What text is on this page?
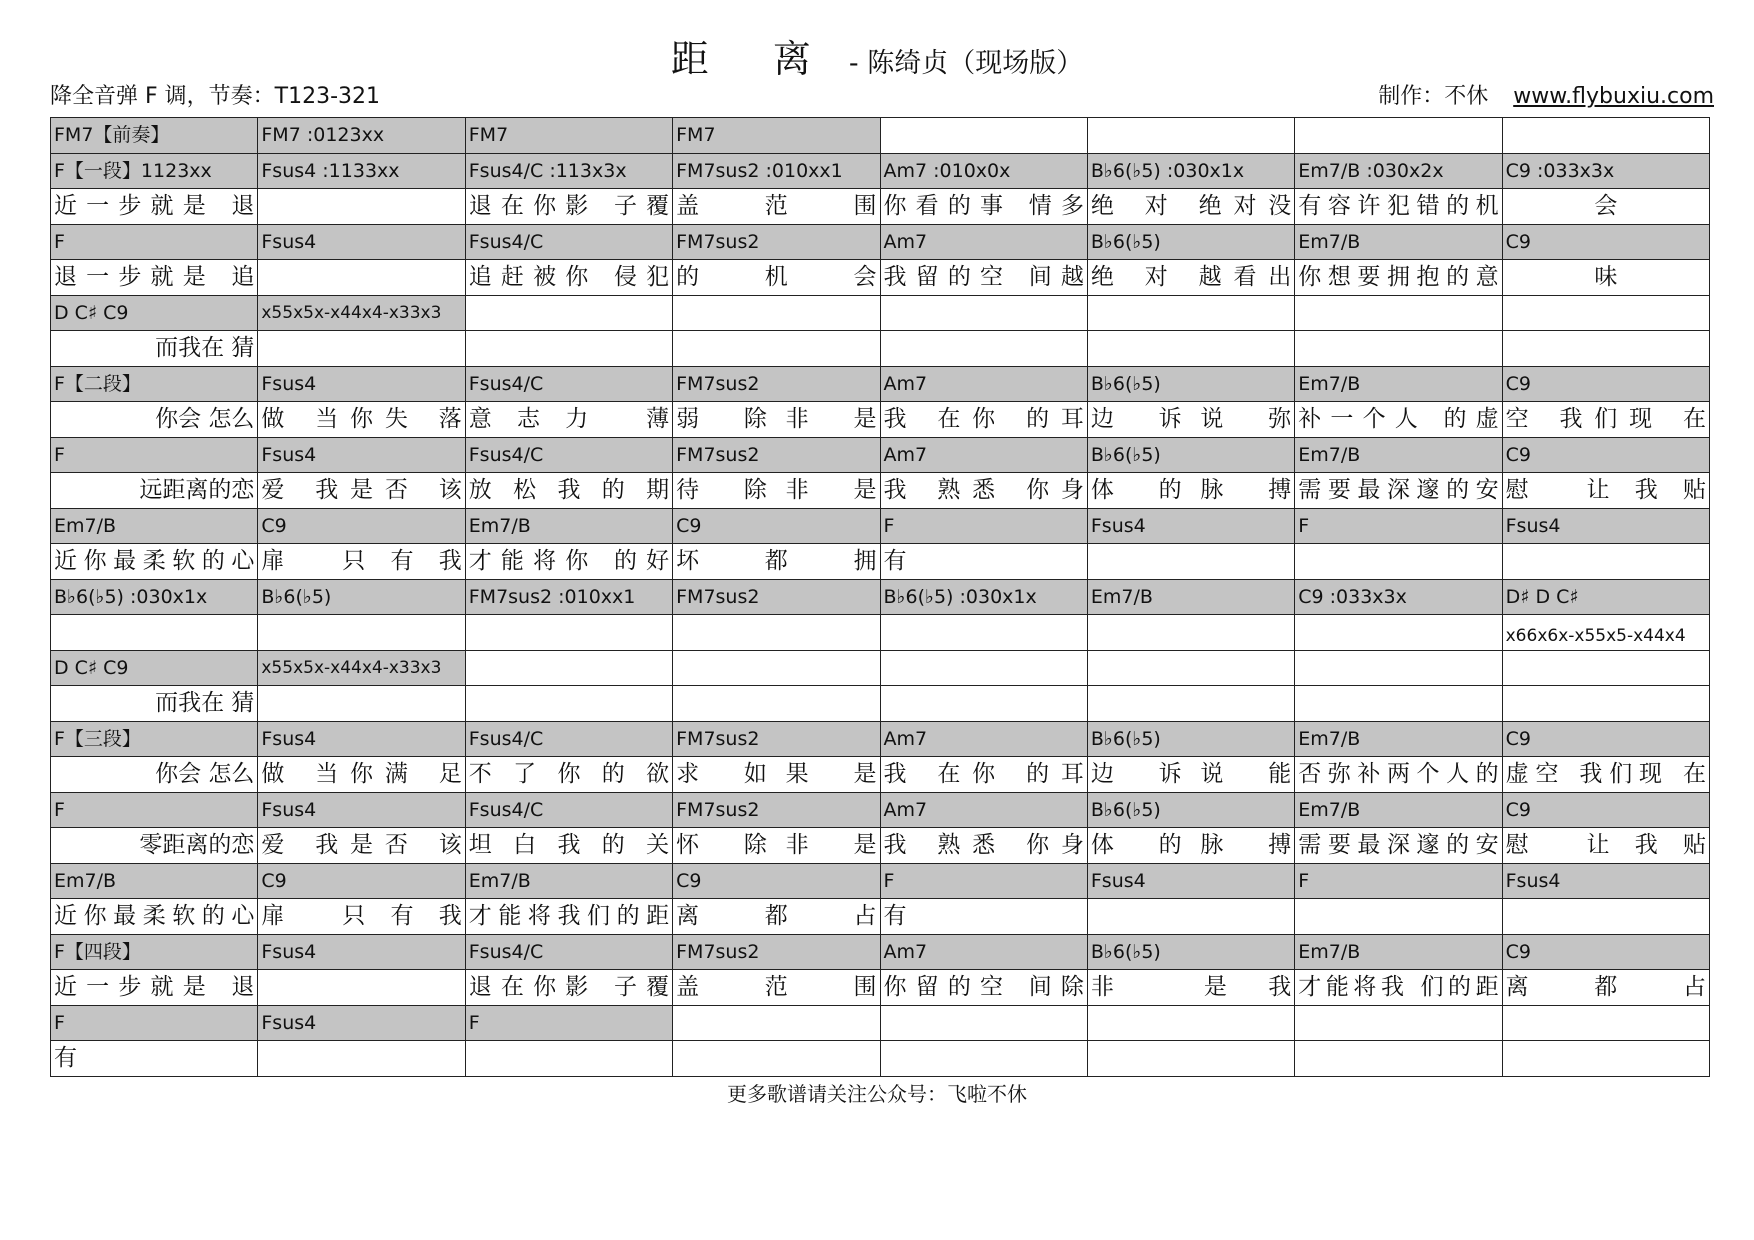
距 离 - 陈绮贞（现场版）
降全音弹 F 调，节奏：T123-321	制作：不休 www.flybuxiu.com
FM7【前奏】	FM7 :0123xx	FM7	FM7				
F【一段】1123xx	Fsus4 :1133xx	Fsus4/C :113x3x	FM7sus2 :010xx1	Am7 :010x0x	B♭6(♭5) :030x1x	Em7/B :030x2x	C9 :033x3x
近一步就是 退		退在你影 子覆	盖 范 围	你看的事 情多	绝 对 绝对没	有容许犯错的机	会
F	Fsus4	Fsus4/C	FM7sus2	Am7	B♭6(♭5)	Em7/B	C9
退一步就是 追		追赶被你 侵犯	的 机 会	我留的空 间越	绝 对 越看出	你想要拥抱的意	味
D C♯ C9	x55x5x-x44x4-x33x3						
而我在 猜							
F【二段】	Fsus4	Fsus4/C	FM7sus2	Am7	B♭6(♭5)	Em7/B	C9
你会 怎么	做 当你失 落	意志力 薄	弱 除非 是	我 在你 的耳	边 诉说 弥	补一个人 的虚	空 我们现 在
F	Fsus4	Fsus4/C	FM7sus2	Am7	B♭6(♭5)	Em7/B	C9
远距离的恋	爱 我是否 该	放松我的期	待 除非 是	我 熟悉 你身	体 的脉 搏	需要最深邃的安	慰 让我贴
Em7/B	C9	Em7/B	C9	F	Fsus4	F	Fsus4
近你最柔软的心	扉 只有我	才能将你 的好	坏 都 拥	有			
B♭6(♭5) :030x1x	B♭6(♭5)	FM7sus2 :010xx1	FM7sus2	B♭6(♭5) :030x1x	Em7/B	C9 :033x3x	D♯ D C♯
							x66x6x-x55x5-x44x4
D C♯ C9	x55x5x-x44x4-x33x3						
而我在 猜							
F【三段】	Fsus4	Fsus4/C	FM7sus2	Am7	B♭6(♭5)	Em7/B	C9
你会 怎么	做 当你满 足	不了你的欲	求 如果 是	我 在你 的耳	边 诉说 能	否弥补两个人的	虚空 我们现 在
F	Fsus4	Fsus4/C	FM7sus2	Am7	B♭6(♭5)	Em7/B	C9
零距离的恋	爱 我是否 该	坦白我的关	怀 除非 是	我 熟悉 你身	体 的脉 搏	需要最深邃的安	慰 让我贴
Em7/B	C9	Em7/B	C9	F	Fsus4	F	Fsus4
近你最柔软的心	扉 只有我	才能将我们的距	离 都 占	有			
F【四段】	Fsus4	Fsus4/C	FM7sus2	Am7	B♭6(♭5)	Em7/B	C9
近一步就是 退		退在你影 子覆	盖 范 围	你留的空 间除	非 是我	才能将我 们的距	离 都 占
F	Fsus4	F					
有							
更多歌谱请关注公众号：飞啦不休
